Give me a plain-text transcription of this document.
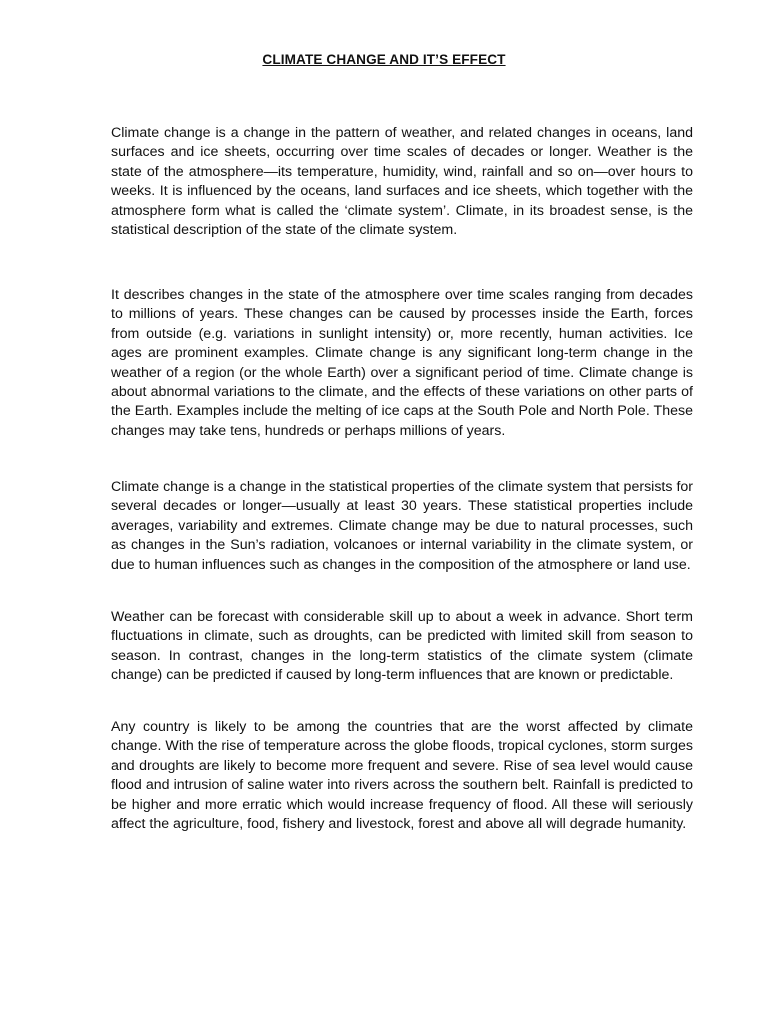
CLIMATE CHANGE AND IT’S EFFECT

Climate change is a change in the pattern of weather, and related changes in oceans, land surfaces and ice sheets, occurring over time scales of decades or longer. Weather is the state of the atmosphere—its temperature, humidity, wind, rainfall and so on—over hours to weeks. It is influenced by the oceans, land surfaces and ice sheets, which together with the atmosphere form what is called the ‘climate system’. Climate, in its broadest sense, is the statistical description of the state of the climate system.

It describes changes in the state of the atmosphere over time scales ranging from decades to millions of years. These changes can be caused by processes inside the Earth, forces from outside (e.g. variations in sunlight intensity) or, more recently, human activities. Ice ages are prominent examples. Climate change is any significant long-term change in the weather of a region (or the whole Earth) over a significant period of time. Climate change is about abnormal variations to the climate, and the effects of these variations on other parts of the Earth. Examples include the melting of ice caps at the South Pole and North Pole. These changes may take tens, hundreds or perhaps millions of years.

Climate change is a change in the statistical properties of the climate system that persists for several decades or longer—usually at least 30 years. These statistical properties include averages, variability and extremes. Climate change may be due to natural processes, such as changes in the Sun’s radiation, volcanoes or internal variability in the climate system, or due to human influences such as changes in the composition of the atmosphere or land use.

Weather can be forecast with considerable skill up to about a week in advance. Short term fluctuations in climate, such as droughts, can be predicted with limited skill from season to season. In contrast, changes in the long-term statistics of the climate system (climate change) can be predicted if caused by long-term influences that are known or predictable.

Any country is likely to be among the countries that are the worst affected by climate change. With the rise of temperature across the globe floods, tropical cyclones, storm surges and droughts are likely to become more frequent and severe. Rise of sea level would cause flood and intrusion of saline water into rivers across the southern belt. Rainfall is predicted to be higher and more erratic which would increase frequency of flood. All these will seriously affect the agriculture, food, fishery and livestock, forest and above all will degrade humanity.
